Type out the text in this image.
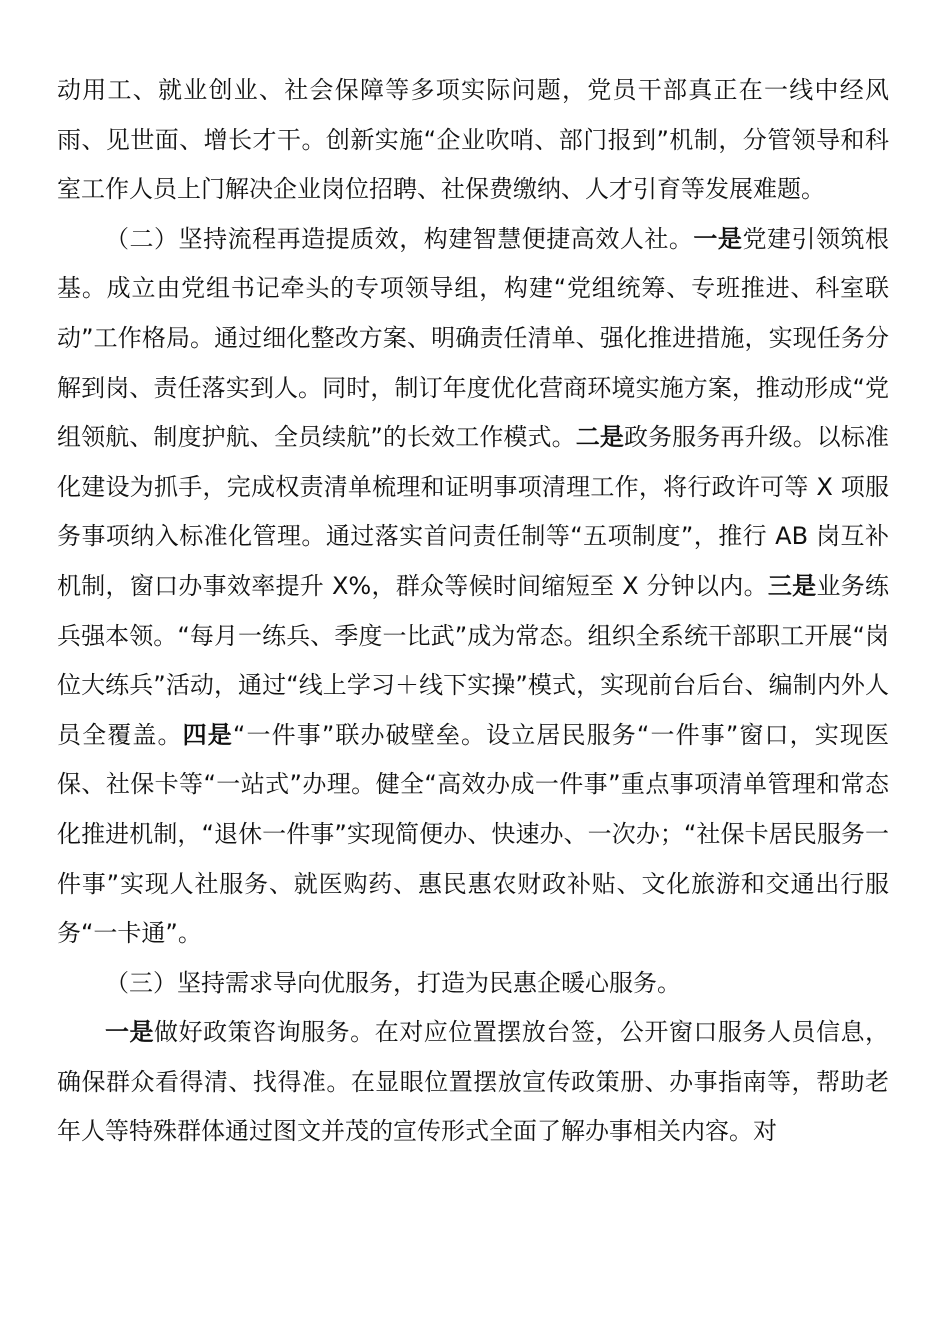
动用工、就业创业、社会保障等多项实际问题，党员干部真正在一线中经风雨、见世面、增长才干。创新实施“企业吹哨、部门报到”机制，分管领导和科室工作人员上门解决企业岗位招聘、社保费缴纳、人才引育等发展难题。

（二）坚持流程再造提质效，构建智慧便捷高效人社。一是党建引领筑根基。成立由党组书记牵头的专项领导组，构建“党组统筹、专班推进、科室联动”工作格局。通过细化整改方案、明确责任清单、强化推进措施，实现任务分解到岗、责任落实到人。同时，制订年度优化营商环境实施方案，推动形成“党组领航、制度护航、全员续航”的长效工作模式。二是政务服务再升级。以标准化建设为抓手，完成权责清单梳理和证明事项清理工作，将行政许可等 X 项服务事项纳入标准化管理。通过落实首问责任制等“五项制度”，推行 AB 岗互补机制，窗口办事效率提升 X%，群众等候时间缩短至 X 分钟以内。三是业务练兵强本领。“每月一练兵、季度一比武”成为常态。组织全系统干部职工开展“岗位大练兵”活动，通过“线上学习＋线下实操”模式，实现前台后台、编制内外人员全覆盖。四是“一件事”联办破壁垒。设立居民服务“一件事”窗口，实现医保、社保卡等“一站式”办理。健全“高效办成一件事”重点事项清单管理和常态化推进机制，“退休一件事”实现简便办、快速办、一次办；“社保卡居民服务一件事”实现人社服务、就医购药、惠民惠农财政补贴、文化旅游和交通出行服务“一卡通”。

（三）坚持需求导向优服务，打造为民惠企暖心服务。

一是做好政策咨询服务。在对应位置摆放台签，公开窗口服务人员信息，确保群众看得清、找得准。在显眼位置摆放宣传政策册、办事指南等，帮助老年人等特殊群体通过图文并茂的宣传形式全面了解办事相关内容。对
